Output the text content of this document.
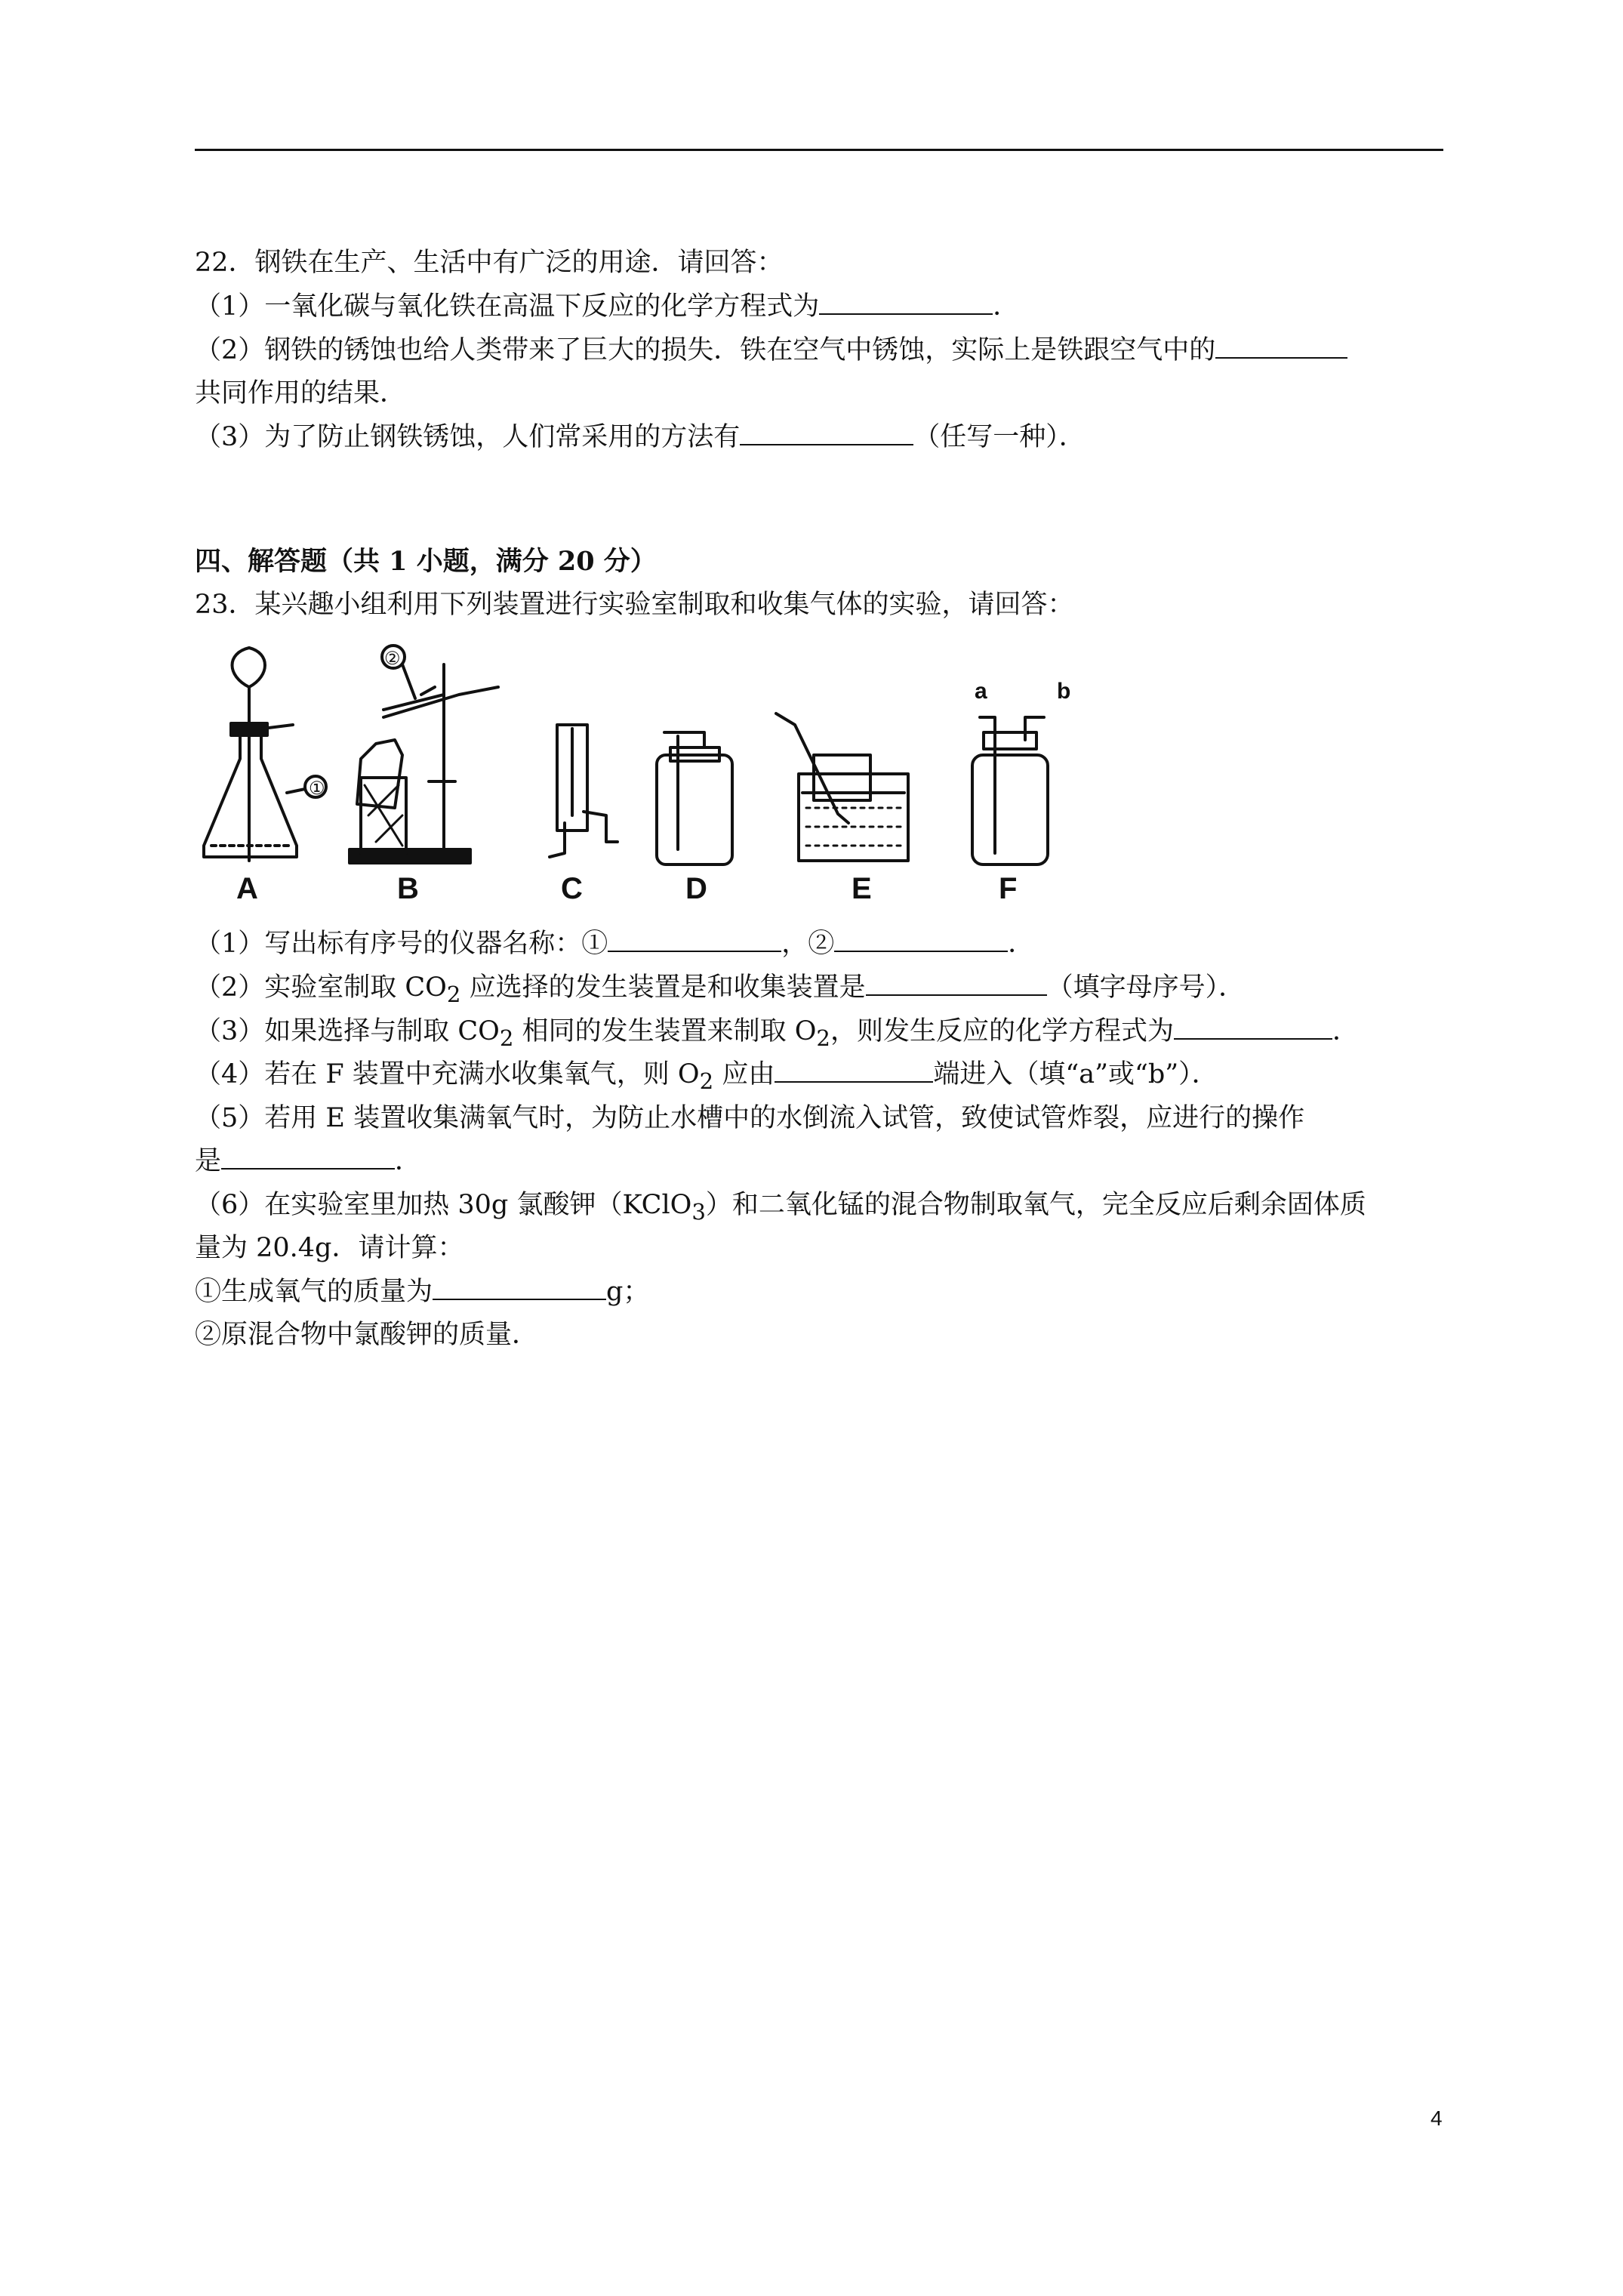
22．钢铁在生产、生活中有广泛的用途．请回答：
（1）一氧化碳与氧化铁在高温下反应的化学方程式为	．
（2）钢铁的锈蚀也给人类带来了巨大的损失．铁在空气中锈蚀，实际上是铁跟空气中的
共同作用的结果．
（3）为了防止钢铁锈蚀，人们常采用的方法有	（任写一种）．
四、解答题（共 1 小题，满分 20 分）
23．某兴趣小组利用下列装置进行实验室制取和收集气体的实验，请回答：
A	B	C	D	E	F
a	b
①
②
（1）写出标有序号的仪器名称：①	，②	．
（2）实验室制取 $CO_2$ 应选择的发生装置是和收集装置是	（填字母序号）．
（3）如果选择与制取 $CO_2$ 相同的发生装置来制取 $O_2$，则发生反应的化学方程式为	．
（4）若在 F 装置中充满水收集氧气，则 $O_2$ 应由	端进入（填“a”或“b”）．
（5）若用 E 装置收集满氧气时，为防止水槽中的水倒流入试管，致使试管炸裂，应进行的操作
是	．
（6）在实验室里加热 30g 氯酸钾（KClO$_3$）和二氧化锰的混合物制取氧气，完全反应后剩余固体质
量为 20.4g．请计算：
①生成氧气的质量为	g；
②原混合物中氯酸钾的质量．
4
